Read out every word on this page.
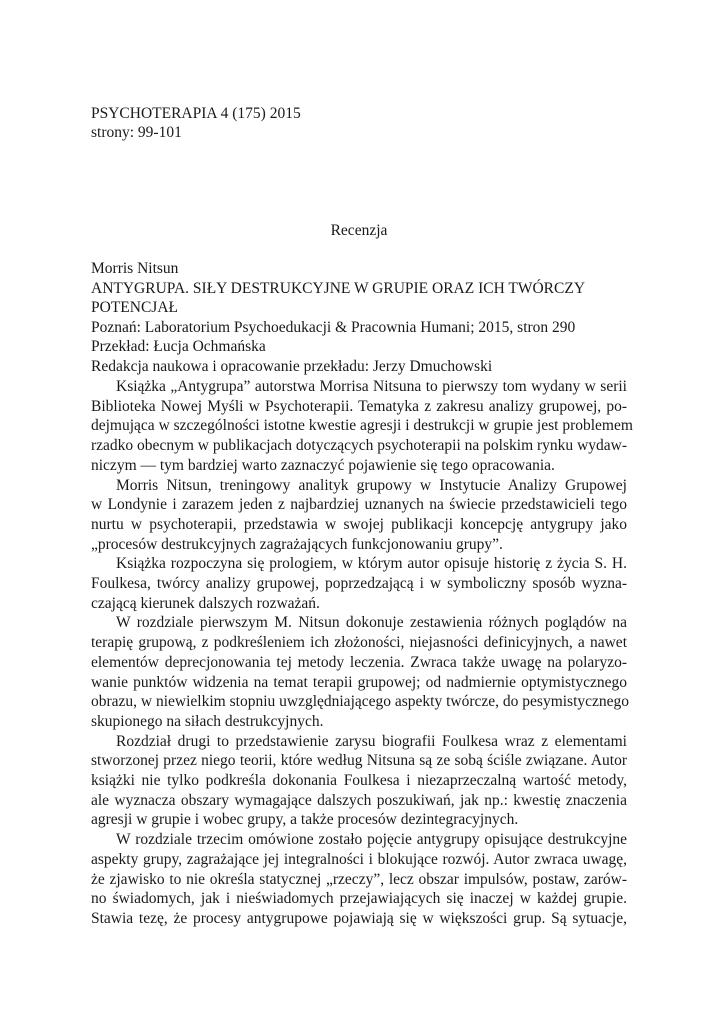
PSYCHOTERAPIA 4 (175) 2015
strony: 99-101
Recenzja
Morris Nitsun
ANTYGRUPA. SIŁY DESTRUKCYJNE W GRUPIE ORAZ ICH TWÓRCZY
POTENCJAŁ
Poznań: Laboratorium Psychoedukacji & Pracownia Humani; 2015, stron 290
Przekład: Łucja Ochmańska
Redakcja naukowa i opracowanie przekładu: Jerzy Dmuchowski
Książka „Antygrupa” autorstwa Morrisa Nitsuna to pierwszy tom wydany w serii
Biblioteka Nowej Myśli w Psychoterapii. Tematyka z zakresu analizy grupowej, po-
dejmująca w szczególności istotne kwestie agresji i destrukcji w grupie jest problemem
rzadko obecnym w publikacjach dotyczących psychoterapii na polskim rynku wydaw-
niczym — tym bardziej warto zaznaczyć pojawienie się tego opracowania.
Morris Nitsun, treningowy analityk grupowy w Instytucie Analizy Grupowej
w Londynie i zarazem jeden z najbardziej uznanych na świecie przedstawicieli tego
nurtu w psychoterapii, przedstawia w swojej publikacji koncepcję antygrupy jako
„procesów destrukcyjnych zagrażających funkcjonowaniu grupy”.
Książka rozpoczyna się prologiem, w którym autor opisuje historię z życia S. H.
Foulkesa, twórcy analizy grupowej, poprzedzającą i w symboliczny sposób wyzna-
czającą kierunek dalszych rozważań.
W rozdziale pierwszym M. Nitsun dokonuje zestawienia różnych poglądów na
terapię grupową, z podkreśleniem ich złożoności, niejasności definicyjnych, a nawet
elementów deprecjonowania tej metody leczenia. Zwraca także uwagę na polaryzo-
wanie punktów widzenia na temat terapii grupowej; od nadmiernie optymistycznego
obrazu, w niewielkim stopniu uwzględniającego aspekty twórcze, do pesymistycznego
skupionego na siłach destrukcyjnych.
Rozdział drugi to przedstawienie zarysu biografii Foulkesa wraz z elementami
stworzonej przez niego teorii, które według Nitsuna są ze sobą ściśle związane. Autor
książki nie tylko podkreśla dokonania Foulkesa i niezaprzeczalną wartość metody,
ale wyznacza obszary wymagające dalszych poszukiwań, jak np.: kwestię znaczenia
agresji w grupie i wobec grupy, a także procesów dezintegracyjnych.
W rozdziale trzecim omówione zostało pojęcie antygrupy opisujące destrukcyjne
aspekty grupy, zagrażające jej integralności i blokujące rozwój. Autor zwraca uwagę,
że zjawisko to nie określa statycznej „rzeczy”, lecz obszar impulsów, postaw, zarów-
no świadomych, jak i nieświadomych przejawiających się inaczej w każdej grupie.
Stawia tezę, że procesy antygrupowe pojawiają się w większości grup. Są sytuacje,
